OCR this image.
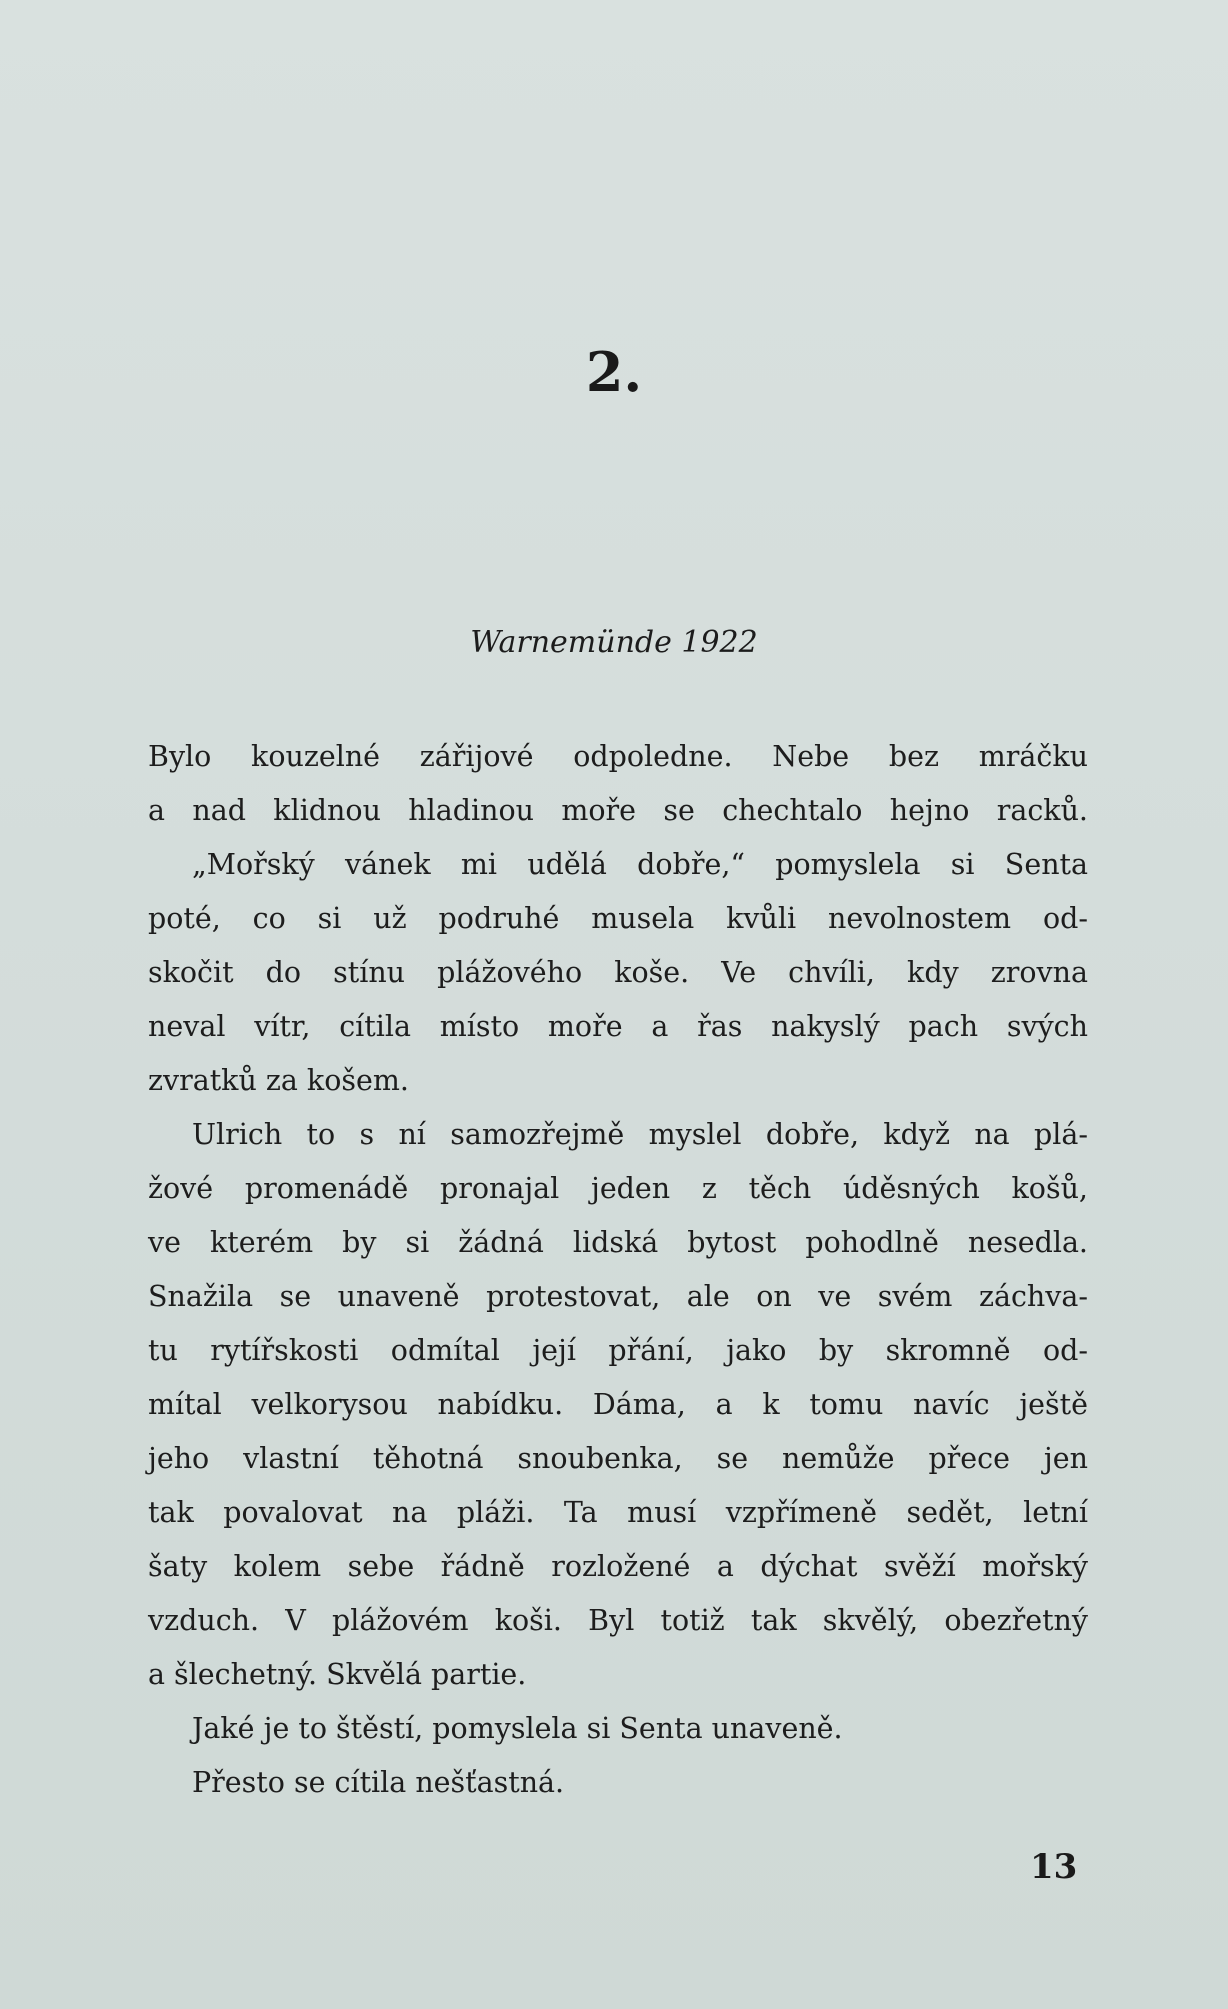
2.
Warnemünde 1922
Bylo kouzelné zářijové odpoledne. Nebe bez mráčku
a nad klidnou hladinou moře se chechtalo hejno racků.
„Mořský vánek mi udělá dobře,“ pomyslela si Senta
poté, co si už podruhé musela kvůli nevolnostem od-
skočit do stínu plážového koše. Ve chvíli, kdy zrovna
neval vítr, cítila místo moře a řas nakyslý pach svých
zvratků za košem.
Ulrich to s ní samozřejmě myslel dobře, když na plá-
žové promenádě pronajal jeden z těch úděsných košů,
ve kterém by si žádná lidská bytost pohodlně nesedla.
Snažila se unaveně protestovat, ale on ve svém záchva-
tu rytířskosti odmítal její přání, jako by skromně od-
mítal velkorysou nabídku. Dáma, a k tomu navíc ještě
jeho vlastní těhotná snoubenka, se nemůže přece jen
tak povalovat na pláži. Ta musí vzpřímeně sedět, letní
šaty kolem sebe řádně rozložené a dýchat svěží mořský
vzduch. V plážovém koši. Byl totiž tak skvělý, obezřetný
a šlechetný. Skvělá partie.
Jaké je to štěstí, pomyslela si Senta unaveně.
Přesto se cítila nešťastná.
13
